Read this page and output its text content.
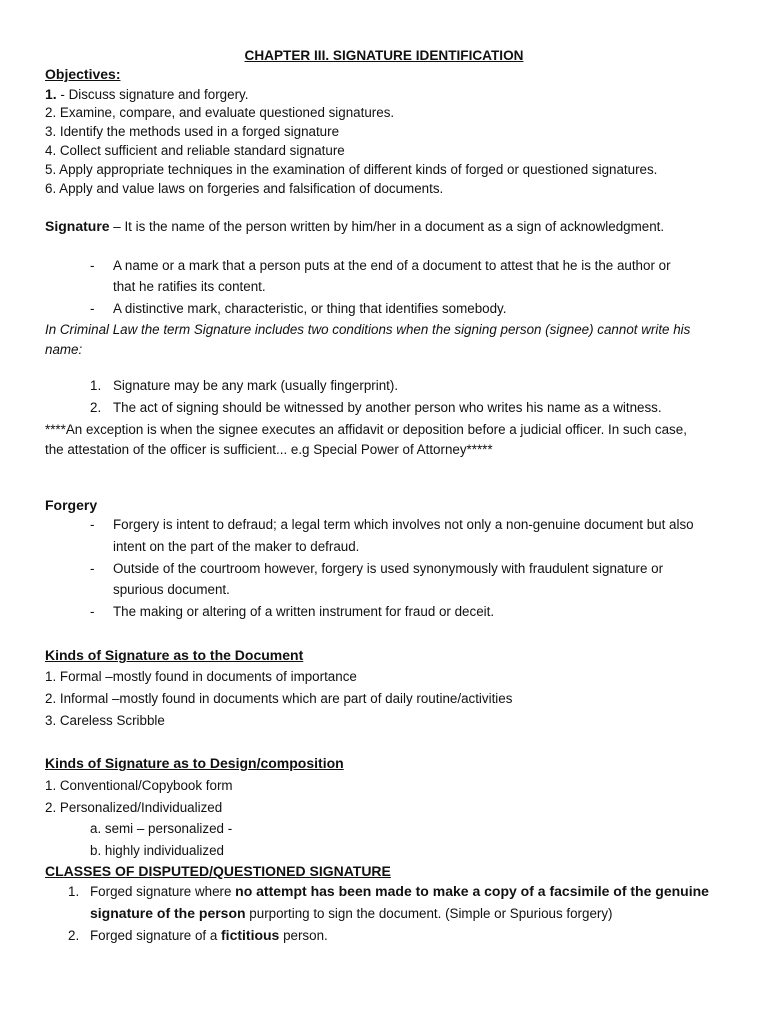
CHAPTER III. SIGNATURE IDENTIFICATION
Objectives:
1. - Discuss signature and forgery.
2. Examine, compare, and evaluate questioned signatures.
3. Identify the methods used in a forged signature
4. Collect sufficient and reliable standard signature
5. Apply appropriate techniques in the examination of different kinds of forged or questioned signatures.
6. Apply and value laws on forgeries and falsification of documents.
Signature – It is the name of the person written by him/her in a document as a sign of acknowledgment.
- A name or a mark that a person puts at the end of a document to attest that he is the author or
that he ratifies its content.
- A distinctive mark, characteristic, or thing that identifies somebody.
In Criminal Law the term Signature includes two conditions when the signing person (signee) cannot write his
name:
1. Signature may be any mark (usually fingerprint).
2. The act of signing should be witnessed by another person who writes his name as a witness.
****An exception is when the signee executes an affidavit or deposition before a judicial officer. In such case,
the attestation of the officer is sufficient... e.g Special Power of Attorney*****
Forgery
- Forgery is intent to defraud; a legal term which involves not only a non-genuine document but also
intent on the part of the maker to defraud.
- Outside of the courtroom however, forgery is used synonymously with fraudulent signature or
spurious document.
- The making or altering of a written instrument for fraud or deceit.
Kinds of Signature as to the Document
1. Formal –mostly found in documents of importance
2. Informal –mostly found in documents which are part of daily routine/activities
3. Careless Scribble
Kinds of Signature as to Design/composition
1. Conventional/Copybook form
2. Personalized/Individualized
a. semi – personalized -
b. highly individualized
CLASSES OF DISPUTED/QUESTIONED SIGNATURE
1. Forged signature where no attempt has been made to make a copy of a facsimile of the genuine
signature of the person purporting to sign the document. (Simple or Spurious forgery)
2. Forged signature of a fictitious person.
